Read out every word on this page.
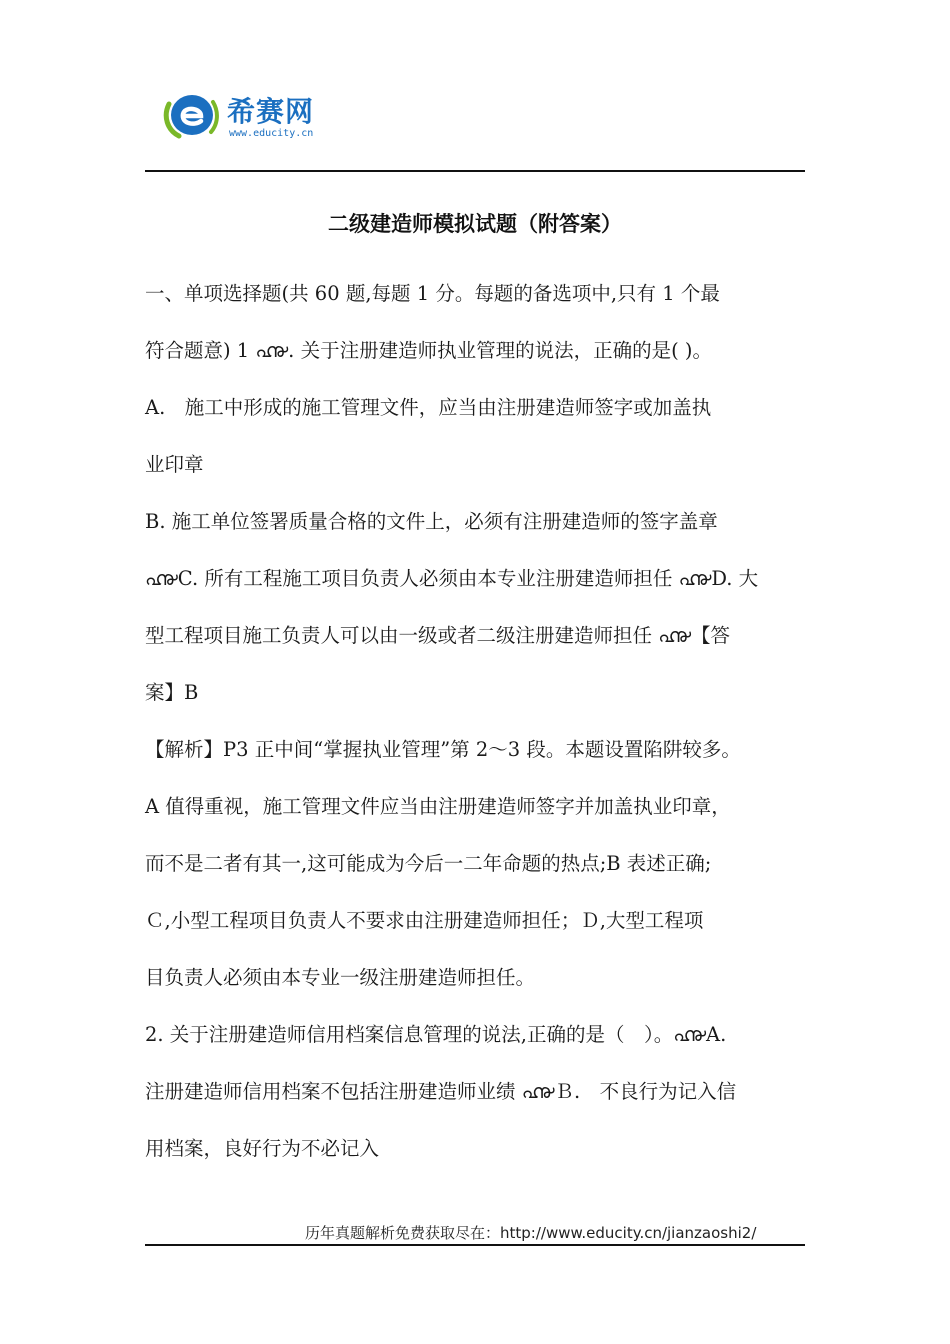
希赛网
www.educity.cn
二级建造师模拟试题（附答案）
一、单项选择题(共 60 题,每题 1 分。每题的备选项中,只有 1 个最
符合题意) 1 ൷. 关于注册建造师执业管理的说法，正确的是( )。
A.　施工中形成的施工管理文件，应当由注册建造师签字或加盖执
业印章
B. 施工单位签署质量合格的文件上，必须有注册建造师的签字盖章
൷C. 所有工程施工项目负责人必须由本专业注册建造师担任 ൷D. 大
型工程项目施工负责人可以由一级或者二级注册建造师担任 ൷【答
案】B
【解析】P3 正中间“掌握执业管理”第 2～3 段。本题设置陷阱较多。
A 值得重视，施工管理文件应当由注册建造师签字并加盖执业印章，
而不是二者有其一,这可能成为今后一二年命题的热点;B 表述正确;
Ｃ,小型工程项目负责人不要求由注册建造师担任；Ｄ,大型工程项
目负责人必须由本专业一级注册建造师担任。
2. 关于注册建造师信用档案信息管理的说法,正确的是（　）。൷A.
注册建造师信用档案不包括注册建造师业绩 ൷Ｂ.　不良行为记入信
用档案，良好行为不必记入
历年真题解析免费获取尽在：http://www.educity.cn/jianzaoshi2/
